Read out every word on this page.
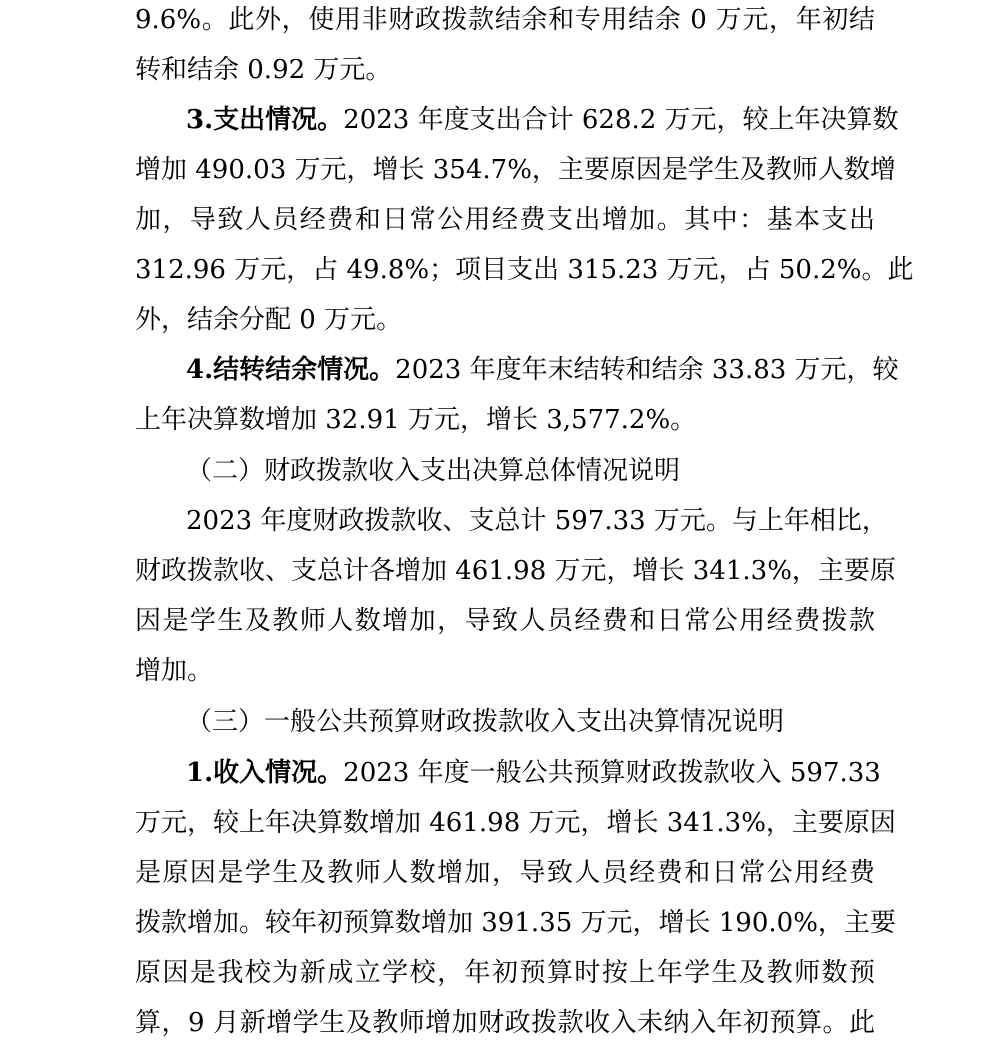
9.6%。此外，使用非财政拨款结余和专用结余 0 万元，年初结
转和结余 0.92 万元。
3.支出情况。2023 年度支出合计 628.2 万元，较上年决算数
增加 490.03 万元，增长 354.7%，主要原因是学生及教师人数增
加，导致人员经费和日常公用经费支出增加。其中：基本支出
312.96 万元，占 49.8%；项目支出 315.23 万元，占 50.2%。此
外，结余分配 0 万元。
4.结转结余情况。2023 年度年末结转和结余 33.83 万元，较
上年决算数增加 32.91 万元，增长 3,577.2%。
（二）财政拨款收入支出决算总体情况说明
2023 年度财政拨款收、支总计 597.33 万元。与上年相比，
财政拨款收、支总计各增加 461.98 万元，增长 341.3%，主要原
因是学生及教师人数增加，导致人员经费和日常公用经费拨款
增加。
（三）一般公共预算财政拨款收入支出决算情况说明
1.收入情况。2023 年度一般公共预算财政拨款收入 597.33
万元，较上年决算数增加 461.98 万元，增长 341.3%，主要原因
是原因是学生及教师人数增加，导致人员经费和日常公用经费
拨款增加。较年初预算数增加 391.35 万元，增长 190.0%，主要
原因是我校为新成立学校，年初预算时按上年学生及教师数预
算，9 月新增学生及教师增加财政拨款收入未纳入年初预算。此
